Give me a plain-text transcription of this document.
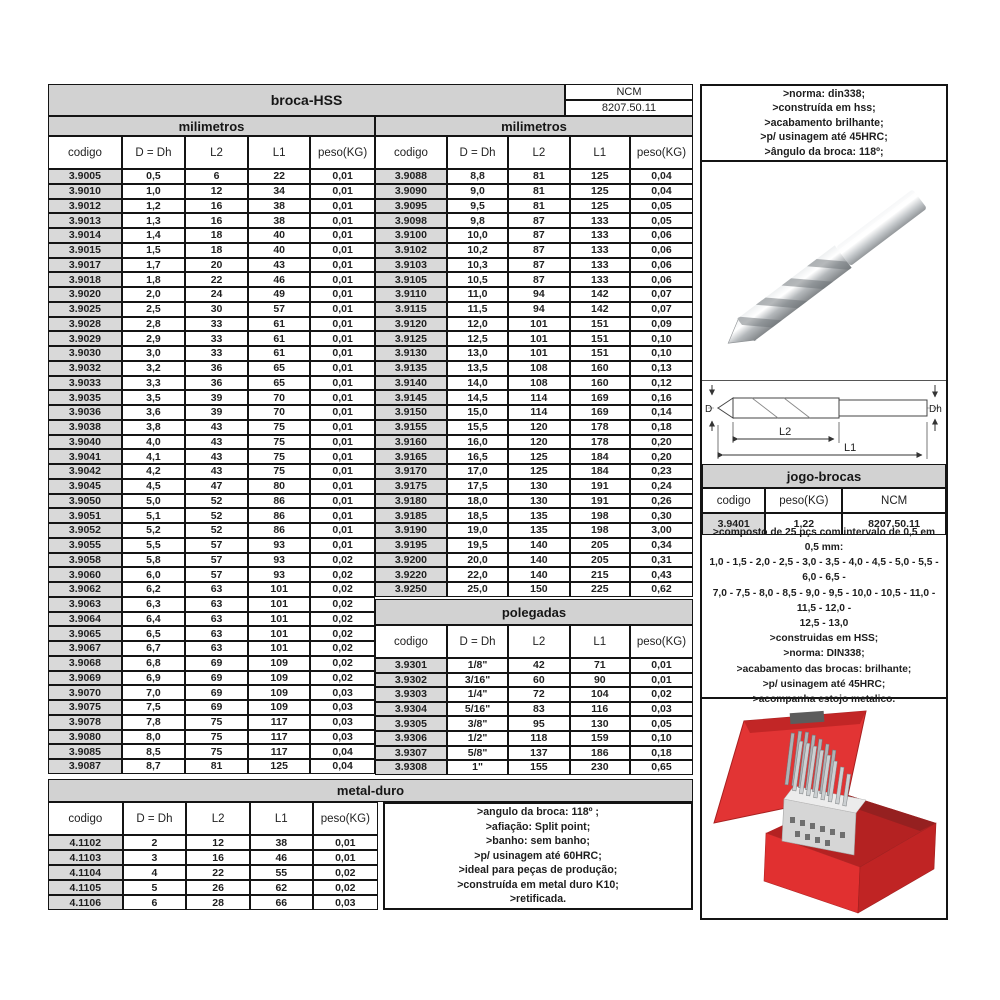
broca-HSS	NCM
8207.50.11
milimetros	milimetros
codigo	D = Dh	L2	L1	peso(KG)
3.9005	0,5	6	22	0,01
3.9010	1,0	12	34	0,01
3.9012	1,2	16	38	0,01
3.9013	1,3	16	38	0,01
3.9014	1,4	18	40	0,01
3.9015	1,5	18	40	0,01
3.9017	1,7	20	43	0,01
3.9018	1,8	22	46	0,01
3.9020	2,0	24	49	0,01
3.9025	2,5	30	57	0,01
3.9028	2,8	33	61	0,01
3.9029	2,9	33	61	0,01
3.9030	3,0	33	61	0,01
3.9032	3,2	36	65	0,01
3.9033	3,3	36	65	0,01
3.9035	3,5	39	70	0,01
3.9036	3,6	39	70	0,01
3.9038	3,8	43	75	0,01
3.9040	4,0	43	75	0,01
3.9041	4,1	43	75	0,01
3.9042	4,2	43	75	0,01
3.9045	4,5	47	80	0,01
3.9050	5,0	52	86	0,01
3.9051	5,1	52	86	0,01
3.9052	5,2	52	86	0,01
3.9055	5,5	57	93	0,01
3.9058	5,8	57	93	0,02
3.9060	6,0	57	93	0,02
3.9062	6,2	63	101	0,02
3.9063	6,3	63	101	0,02
3.9064	6,4	63	101	0,02
3.9065	6,5	63	101	0,02
3.9067	6,7	63	101	0,02
3.9068	6,8	69	109	0,02
3.9069	6,9	69	109	0,02
3.9070	7,0	69	109	0,03
3.9075	7,5	69	109	0,03
3.9078	7,8	75	117	0,03
3.9080	8,0	75	117	0,03
3.9085	8,5	75	117	0,04
3.9087	8,7	81	125	0,04
codigo	D = Dh	L2	L1	peso(KG)
3.9088	8,8	81	125	0,04
3.9090	9,0	81	125	0,04
3.9095	9,5	81	125	0,05
3.9098	9,8	87	133	0,05
3.9100	10,0	87	133	0,06
3.9102	10,2	87	133	0,06
3.9103	10,3	87	133	0,06
3.9105	10,5	87	133	0,06
3.9110	11,0	94	142	0,07
3.9115	11,5	94	142	0,07
3.9120	12,0	101	151	0,09
3.9125	12,5	101	151	0,10
3.9130	13,0	101	151	0,10
3.9135	13,5	108	160	0,13
3.9140	14,0	108	160	0,12
3.9145	14,5	114	169	0,16
3.9150	15,0	114	169	0,14
3.9155	15,5	120	178	0,18
3.9160	16,0	120	178	0,20
3.9165	16,5	125	184	0,20
3.9170	17,0	125	184	0,23
3.9175	17,5	130	191	0,24
3.9180	18,0	130	191	0,26
3.9185	18,5	135	198	0,30
3.9190	19,0	135	198	3,00
3.9195	19,5	140	205	0,34
3.9200	20,0	140	205	0,31
3.9220	22,0	140	215	0,43
3.9250	25,0	150	225	0,62
polegadas
codigo	D = Dh	L2	L1	peso(KG)
3.9301	1/8"	42	71	0,01
3.9302	3/16"	60	90	0,01
3.9303	1/4"	72	104	0,02
3.9304	5/16"	83	116	0,03
3.9305	3/8"	95	130	0,05
3.9306	1/2"	118	159	0,10
3.9307	5/8"	137	186	0,18
3.9308	1"	155	230	0,65
metal-duro
codigo	D = Dh	L2	L1	peso(KG)
4.1102	2	12	38	0,01
4.1103	3	16	46	0,01
4.1104	4	22	55	0,02
4.1105	5	26	62	0,02
4.1106	6	28	66	0,03
>angulo da broca: 118º ;
>afiação: Split point;
>banho: sem banho;
>p/ usinagem até 60HRC;
>ideal para peças de produção;
>construída em metal duro K10;
>retificada.
>norma: din338;
>construída em hss;
>acabamento brilhante;
>p/ usinagem até 45HRC;
>ângulo da broca: 118º;
D	Dh
L2
L1
jogo-brocas
codigo	peso(KG)	NCM
3.9401	1,22	8207.50.11
>composto de 25 pçs com intervalo de 0,5 em 0,5 mm:
1,0 - 1,5 - 2,0 - 2,5 - 3,0 - 3,5 - 4,0 - 4,5 - 5,0 - 5,5 - 6,0 - 6,5 -
7,0 - 7,5 - 8,0 - 8,5 - 9,0 - 9,5 - 10,0 - 10,5 - 11,0 - 11,5 - 12,0 -
12,5 - 13,0
>construidas em HSS;
>norma: DIN338;
>acabamento das brocas: brilhante;
>p/ usinagem até 45HRC;
>acompanha estojo metalico.
